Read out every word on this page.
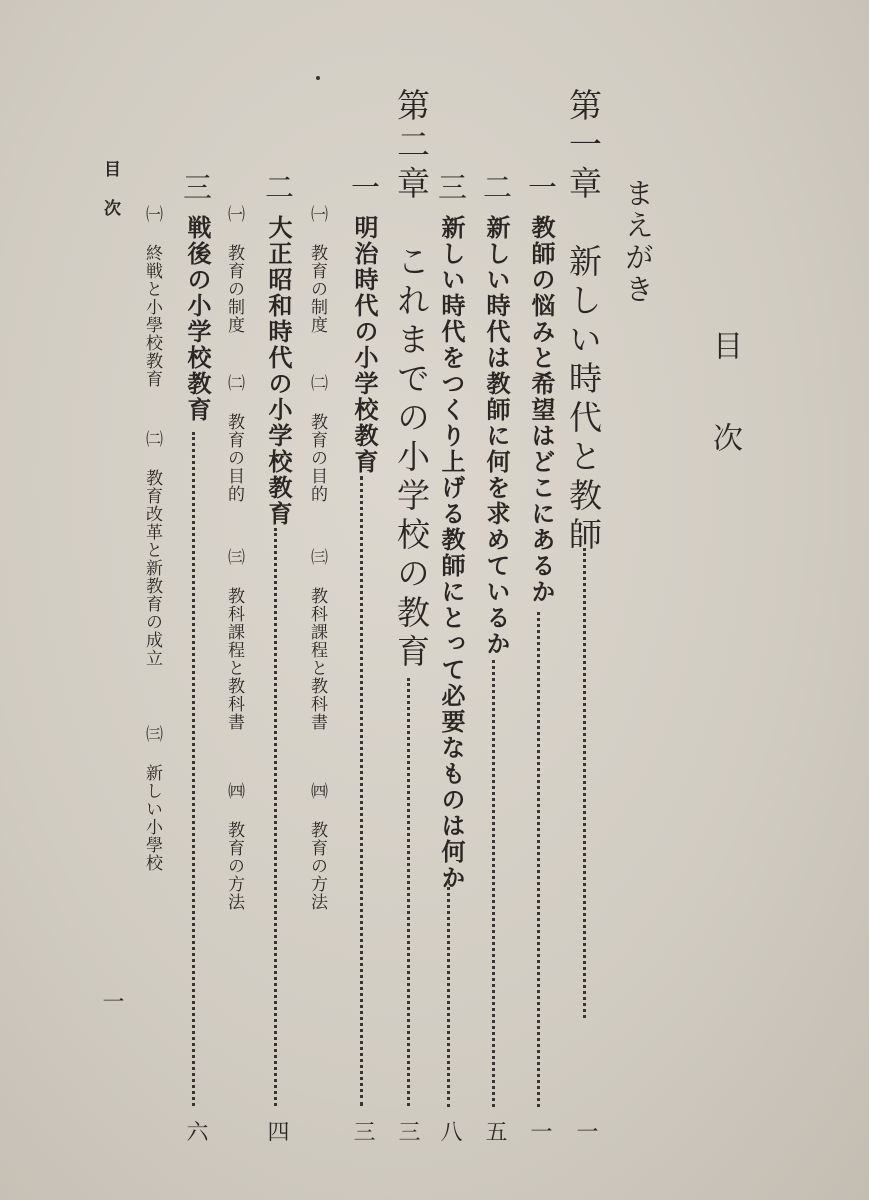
目次
まえがき
第一章　新しい時代と教師
一
一
教師の悩みと希望はどこにあるか
一
二
新しい時代は教師に何を求めているか
五
三
新しい時代をつくり上げる教師にとって必要なものは何か
八
第二章　これまでの小学校の教育
三
一
明治時代の小学校教育
三
㈠ 教育の制度
㈡ 教育の目的
㈢ 教科課程と教科書
㈣ 教育の方法
二
大正昭和時代の小学校教育
四
㈠ 教育の制度
㈡ 教育の目的
㈢ 教科課程と教科書
㈣ 教育の方法
三
戦後の小学校教育
六
㈠ 終戦と小學校教育
㈡ 教育改革と新教育の成立
㈢ 新しい小學校
目次
一
